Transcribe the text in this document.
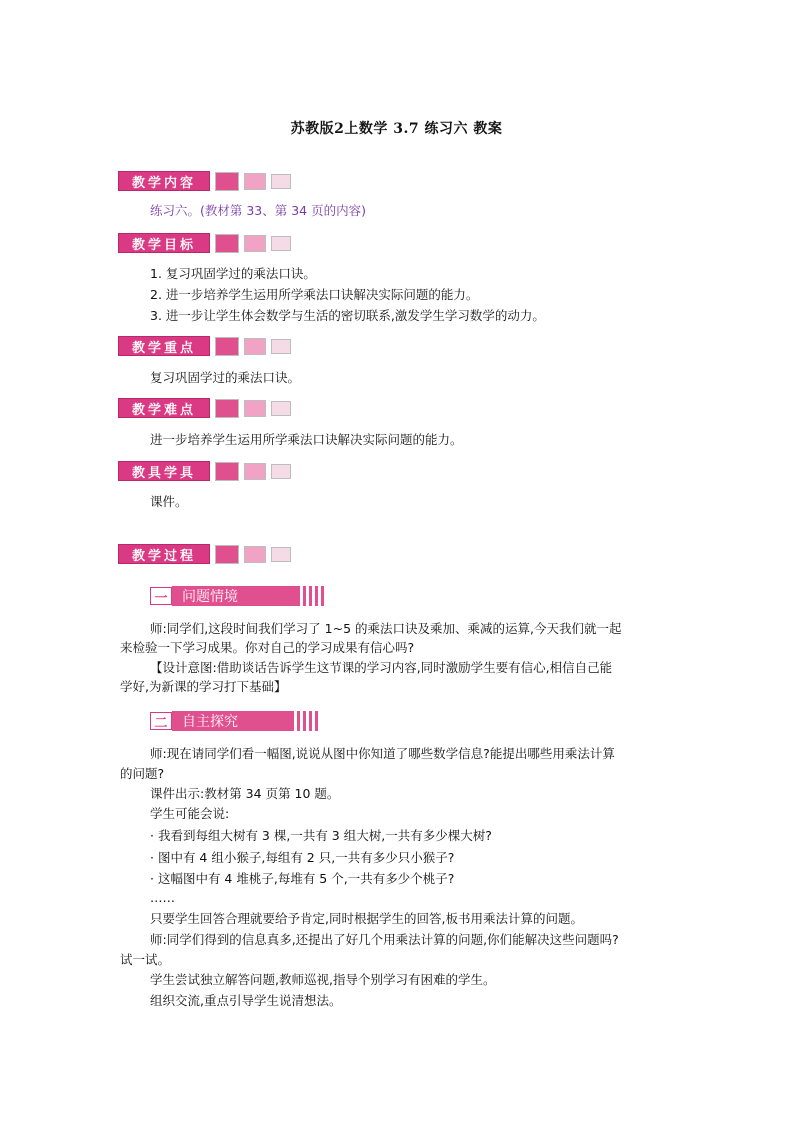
苏教版2上数学 3.7 练习六 教案
教学内容
练习六。(教材第 33、第 34 页的内容)
教学目标
1. 复习巩固学过的乘法口诀。
2. 进一步培养学生运用所学乘法口诀解决实际问题的能力。
3. 进一步让学生体会数学与生活的密切联系,激发学生学习数学的动力。
教学重点
复习巩固学过的乘法口诀。
教学难点
进一步培养学生运用所学乘法口诀解决实际问题的能力。
教具学具
课件。
教学过程
一	问题情境
师:同学们,这段时间我们学习了 1~5 的乘法口诀及乘加、乘减的运算,今天我们就一起
来检验一下学习成果。你对自己的学习成果有信心吗?
【设计意图:借助谈话告诉学生这节课的学习内容,同时激励学生要有信心,相信自己能
学好,为新课的学习打下基础】
二	自主探究
师:现在请同学们看一幅图,说说从图中你知道了哪些数学信息?能提出哪些用乘法计算
的问题?
课件出示:教材第 34 页第 10 题。
学生可能会说:
· 我看到每组大树有 3 棵,一共有 3 组大树,一共有多少棵大树?
· 图中有 4 组小猴子,每组有 2 只,一共有多少只小猴子?
· 这幅图中有 4 堆桃子,每堆有 5 个,一共有多少个桃子?
……
只要学生回答合理就要给予肯定,同时根据学生的回答,板书用乘法计算的问题。
师:同学们得到的信息真多,还提出了好几个用乘法计算的问题,你们能解决这些问题吗?
试一试。
学生尝试独立解答问题,教师巡视,指导个别学习有困难的学生。
组织交流,重点引导学生说清想法。
